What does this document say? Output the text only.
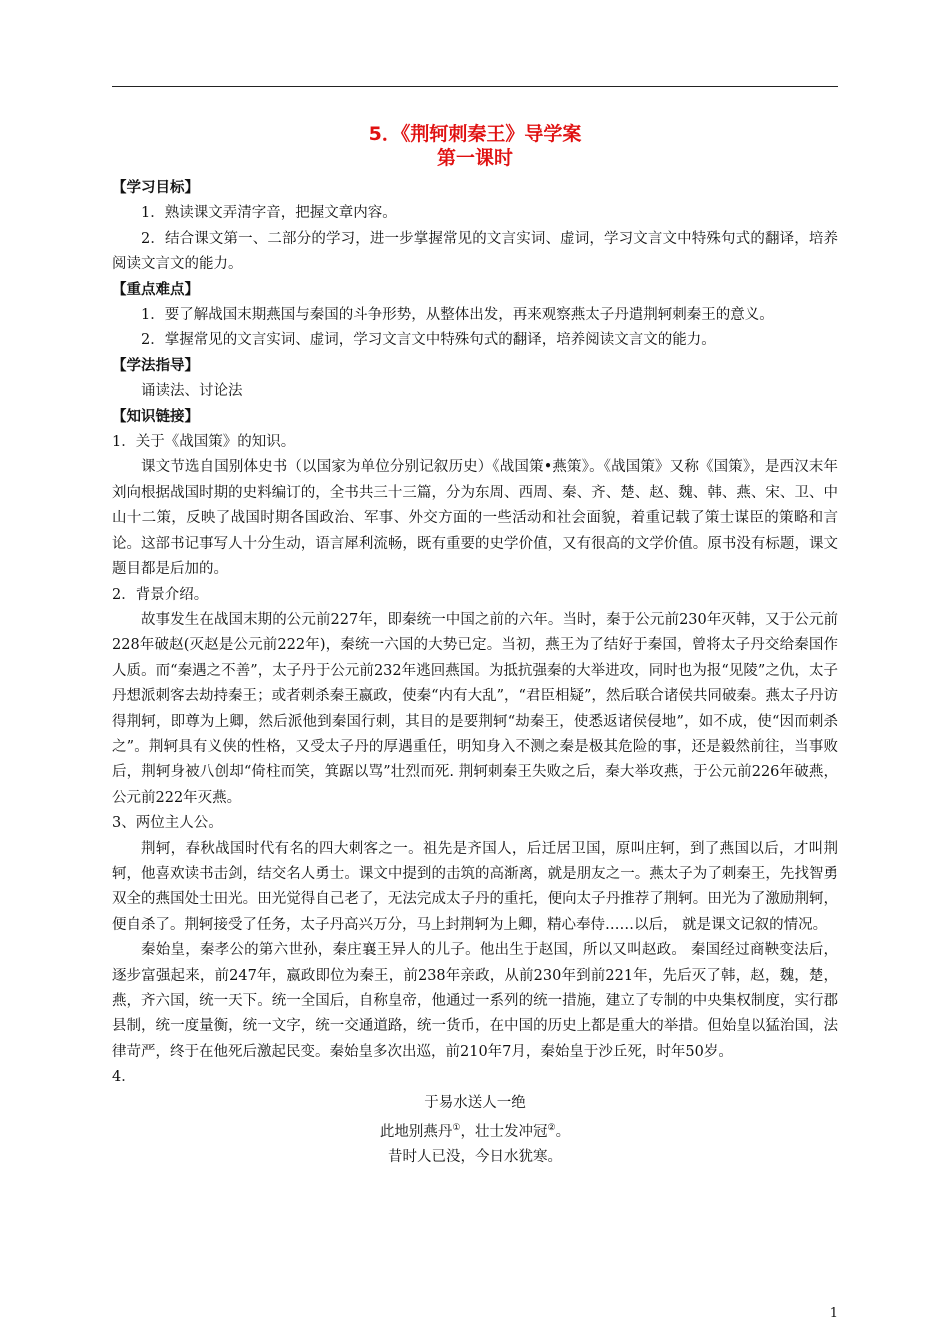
5．《荆轲刺秦王》导学案
第一课时

【学习目标】

1．熟读课文弄清字音，把握文章内容。

2．结合课文第一、二部分的学习，进一步掌握常见的文言实词、虚词，学习文言文中特殊句式的翻译，培养阅读文言文的能力。

【重点难点】

1．要了解战国末期燕国与秦国的斗争形势，从整体出发，再来观察燕太子丹遣荆轲刺秦王的意义。

2．掌握常见的文言实词、虚词，学习文言文中特殊句式的翻译，培养阅读文言文的能力。

【学法指导】

诵读法、讨论法

【知识链接】

1．关于《战国策》的知识。

课文节选自国别体史书（以国家为单位分别记叙历史）《战国策•燕策》。《战国策》又称《国策》，是西汉末年刘向根据战国时期的史料编订的，全书共三十三篇，分为东周、西周、秦、齐、楚、赵、魏、韩、燕、宋、卫、中山十二策，反映了战国时期各国政治、军事、外交方面的一些活动和社会面貌，着重记载了策士谋臣的策略和言论。这部书记事写人十分生动，语言犀利流畅，既有重要的史学价值，又有很高的文学价值。原书没有标题，课文题目都是后加的。

2．背景介绍。

故事发生在战国末期的公元前227年，即秦统一中国之前的六年。当时，秦于公元前230年灭韩，又于公元前228年破赵(灭赵是公元前222年)，秦统一六国的大势已定。当初，燕王为了结好于秦国，曾将太子丹交给秦国作人质。而“秦遇之不善”，太子丹于公元前232年逃回燕国。为抵抗强秦的大举进攻，同时也为报“见陵”之仇，太子丹想派刺客去劫持秦王；或者刺杀秦王嬴政，使秦“内有大乱”，“君臣相疑”，然后联合诸侯共同破秦。燕太子丹访得荆轲，即尊为上卿，然后派他到秦国行刺，其目的是要荆轲“劫秦王，使悉返诸侯侵地”，如不成，使“因而刺杀之”。荆轲具有义侠的性格，又受太子丹的厚遇重任，明知身入不测之秦是极其危险的事，还是毅然前往，当事败后，荆轲身被八创却“倚柱而笑，箕踞以骂”壮烈而死. 荆轲刺秦王失败之后，秦大举攻燕，于公元前226年破燕，公元前222年灭燕。

3、两位主人公。

荆轲，春秋战国时代有名的四大刺客之一。祖先是齐国人，后迁居卫国，原叫庄轲，到了燕国以后，才叫荆轲，他喜欢读书击剑，结交名人勇士。课文中提到的击筑的高渐离，就是朋友之一。燕太子为了刺秦王，先找智勇双全的燕国处士田光。田光觉得自己老了，无法完成太子丹的重托，便向太子丹推荐了荆轲。田光为了激励荆轲，便自杀了。荆轲接受了任务，太子丹高兴万分，马上封荆轲为上卿，精心奉侍……以后， 就是课文记叙的情况。

秦始皇，秦孝公的第六世孙，秦庄襄王异人的儿子。他出生于赵国，所以又叫赵政。 秦国经过商鞅变法后，逐步富强起来，前247年，嬴政即位为秦王，前238年亲政，从前230年到前221年，先后灭了韩，赵，魏，楚，燕，齐六国，统一天下。统一全国后，自称皇帝，他通过一系列的统一措施，建立了专制的中央集权制度，实行郡县制，统一度量衡，统一文字，统一交通道路，统一货币，在中国的历史上都是重大的举措。但始皇以猛治国，法律苛严，终于在他死后激起民变。秦始皇多次出巡，前210年7月，秦始皇于沙丘死，时年50岁。

4．

于易水送人一绝

此地别燕丹①，壮士发冲冠②。

昔时人已没，今日水犹寒。

1
